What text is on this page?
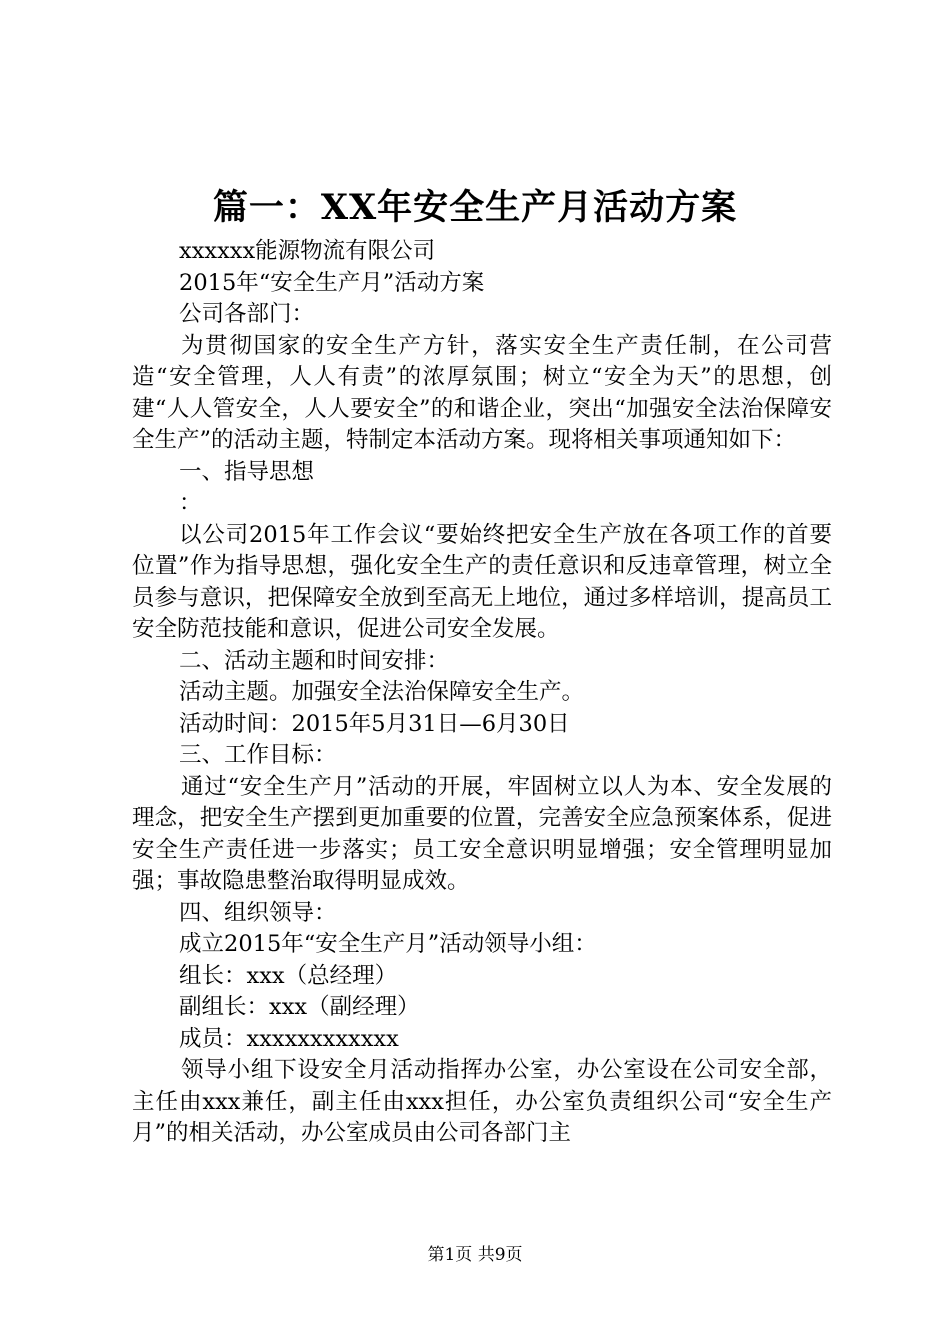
篇一：XX年安全生产月活动方案

xxxxxx能源物流有限公司

2015年“安全生产月”活动方案

公司各部门：

为贯彻国家的安全生产方针，落实安全生产责任制，在公司营造“安全管理，人人有责”的浓厚氛围；树立“安全为天”的思想，创建“人人管安全，人人要安全”的和谐企业，突出“加强安全法治保障安全生产”的活动主题，特制定本活动方案。现将相关事项通知如下：

一、指导思想

：

以公司2015年工作会议“要始终把安全生产放在各项工作的首要位置”作为指导思想，强化安全生产的责任意识和反违章管理，树立全员参与意识，把保障安全放到至高无上地位，通过多样培训，提高员工安全防范技能和意识，促进公司安全发展。

二、活动主题和时间安排：

活动主题。加强安全法治保障安全生产。

活动时间：2015年5月31日—6月30日

三、工作目标：

通过“安全生产月”活动的开展，牢固树立以人为本、安全发展的理念，把安全生产摆到更加重要的位置，完善安全应急预案体系，促进安全生产责任进一步落实；员工安全意识明显增强；安全管理明显加强；事故隐患整治取得明显成效。

四、组织领导：

成立2015年“安全生产月”活动领导小组：

组长：xxx（总经理）

副组长：xxx（副经理）

成员：xxxxxxxxxxxx

领导小组下设安全月活动指挥办公室，办公室设在公司安全部，主任由xxx兼任，副主任由xxx担任，办公室负责组织公司“安全生产月”的相关活动，办公室成员由公司各部门主

第1页 共9页
